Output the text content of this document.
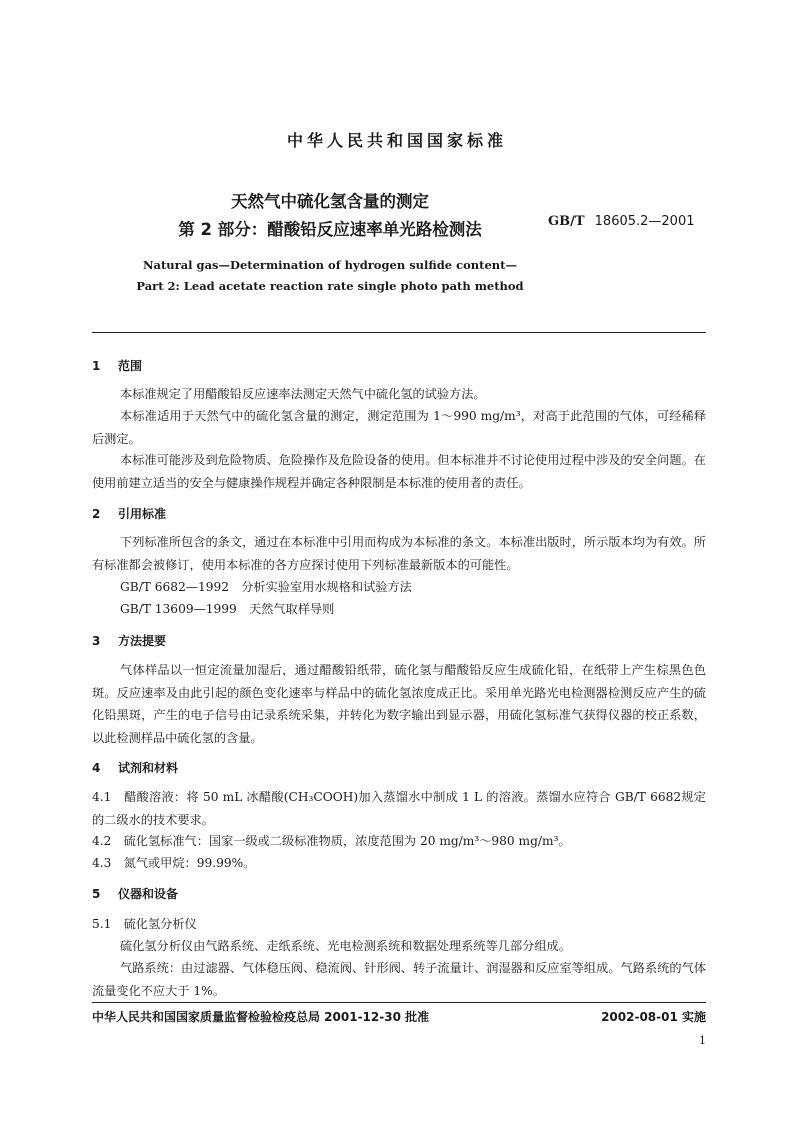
中华人民共和国国家标准
天然气中硫化氢含量的测定
第 2 部分：醋酸铅反应速率单光路检测法	GB/T 18605.2—2001
Natural gas—Determination of hydrogen sulfide content—
Part 2: Lead acetate reaction rate single photo path method
1 范围
本标准规定了用醋酸铅反应速率法测定天然气中硫化氢的试验方法。
本标准适用于天然气中的硫化氢含量的测定，测定范围为 1～990 mg/m³，对高于此范围的气体，可经稀释后测定。
本标准可能涉及到危险物质、危险操作及危险设备的使用。但本标准并不讨论使用过程中涉及的安全问题。在使用前建立适当的安全与健康操作规程并确定各种限制是本标准的使用者的责任。
2 引用标准
下列标准所包含的条文，通过在本标准中引用而构成为本标准的条文。本标准出版时，所示版本均为有效。所有标准都会被修订，使用本标准的各方应探讨使用下列标准最新版本的可能性。
GB/T 6682—1992　分析实验室用水规格和试验方法
GB/T 13609—1999　天然气取样导则
3 方法提要
气体样品以一恒定流量加湿后，通过醋酸铅纸带，硫化氢与醋酸铅反应生成硫化铅，在纸带上产生棕黑色色斑。反应速率及由此引起的颜色变化速率与样品中的硫化氢浓度成正比。采用单光路光电检测器检测反应产生的硫化铅黑斑，产生的电子信号由记录系统采集，并转化为数字输出到显示器，用硫化氢标准气获得仪器的校正系数，以此检测样品中硫化氢的含量。
4 试剂和材料
4.1　醋酸溶液：将 50 mL 冰醋酸(CH₃COOH)加入蒸馏水中制成 1 L 的溶液。蒸馏水应符合 GB/T 6682规定的二级水的技术要求。
4.2　硫化氢标准气：国家一级或二级标准物质，浓度范围为 20 mg/m³～980 mg/m³。
4.3　氮气或甲烷：99.99%。
5 仪器和设备
5.1　硫化氢分析仪
硫化氢分析仪由气路系统、走纸系统、光电检测系统和数据处理系统等几部分组成。
气路系统：由过滤器、气体稳压阀、稳流阀、针形阀、转子流量计、润湿器和反应室等组成。气路系统的气体流量变化不应大于 1%。
中华人民共和国国家质量监督检验检疫总局 2001-12-30 批准	2002-08-01 实施
1
